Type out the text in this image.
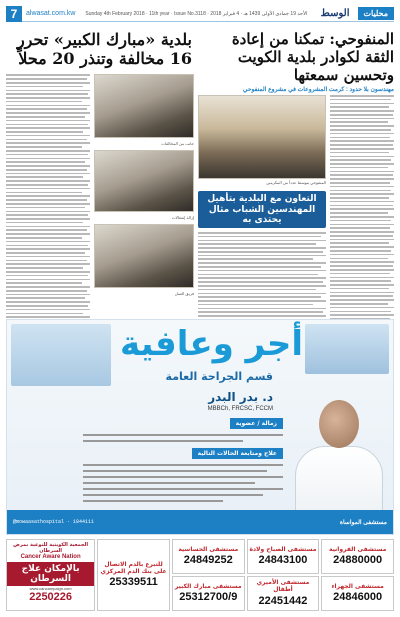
7	alwasat.com.kw Sunday 4th February 2018 · 11th year · Issue No.3118 · الأحد 19 جمادى الأولى 1439 هـ · 4 فبراير 2018 الوسط	محليات
بلدية «مبارك الكبير» تحرر 16 مخالفة وتنذر 20 محلاً
جانب من المخالفات
إزالة إشغالات
فريق العمل
المنفوحي: تمكنا من إعادة الثقة لكوادر بلدية الكويت وتحسين سمعتها
مهندسون بلا حدود : كرمت المشروعات في مشروع المنفوحي
المنفوحي يتوسط عدداً من المكرمين
التعاون مع البلدية بتأهيل
المهندسين الشباب مثال يحتذى به
أجر وعافية
قسم الجراحة العامة
د. بدر البدر
MBBCh, FRCSC, FCCM
زمالة / عضوية
علاج ومتابعة الحالات التالية
@mowaasathospital · 1844111	مستشفى المواساة
الجمعية الكويتية للتوعية بمرض السرطان
Cancer Aware Nation
بالإمكان علاج السرطان
www.cancampaign.com
2250226
للتبرع بالدم الاتصال على بنك الدم المركزي
25339511
مستشفى الحساسية
24849252
مستشفى مبارك الكبير
25312700/9
مستشفى الصباح ولادة
24843100
مستشفى الأميري أطفال
22451442
مستشفى الفروانية
24880000
مستشفى الجهراء
24846000
